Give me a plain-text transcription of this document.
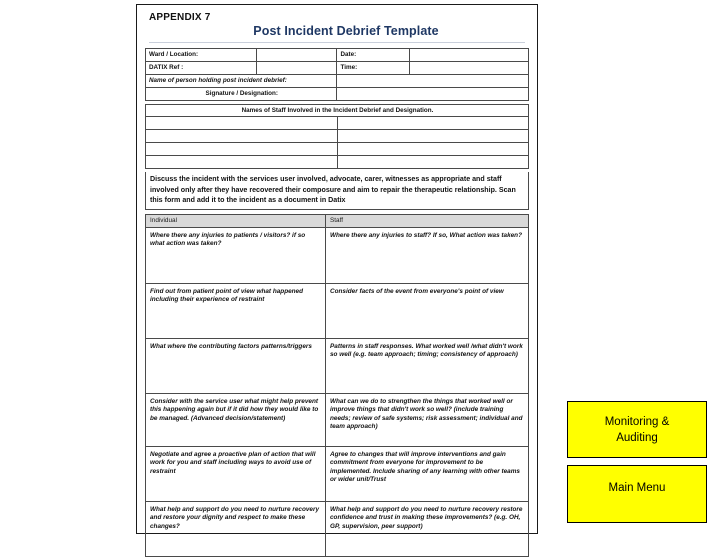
APPENDIX 7
Post Incident Debrief Template
Ward / Location:		Date:	
DATIX Ref :		Time:	
Name of person holding post incident debrief:			
Signature / Designation:			
Names of Staff Involved in the Incident Debrief and Designation.	

Discuss the incident with the services user involved, advocate, carer, witnesses as appropriate and staff involved only after they have recovered their composure and aim to repair the therapeutic relationship. Scan this form and add it to the incident as a document in Datix
Individual	Staff
Where there any injuries to patients / visitors? if so what action was taken?	Where there any injuries to staff? If so, What action was taken?
Find out from patient point of view what happened including their experience of restraint	Consider facts of the event from everyone's point of view
What where the contributing factors patterns/triggers	Patterns in staff responses. What worked well /what didn't work so well (e.g. team approach; timing; consistency of approach)
Consider with the service user what might help prevent this happening again but if it did how they would like to be managed. (Advanced decision/statement)	What can we do to strengthen the things that worked well or improve things that didn't work so well? (include training needs; review of safe systems; risk assessment; individual and team approach)
Negotiate and agree a proactive plan of action that will work for you and staff including ways to avoid use of restraint	Agree to changes that will improve interventions and gain commitment from everyone for improvement to be implemented. Include sharing of any learning with other teams or wider unit/Trust
What help and support do you need to nurture recovery and restore your dignity and respect to make these changes?	What help and support do you need to nurture recovery restore confidence and trust in making these improvements? (e.g. OH, GP, supervision, peer support)
Monitoring &
Auditing
Main Menu
